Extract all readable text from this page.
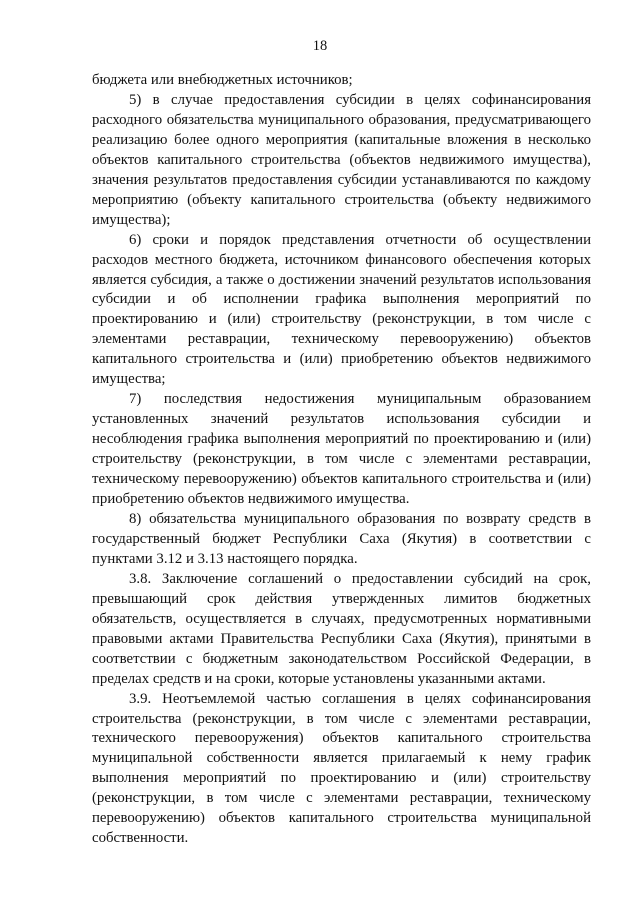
18

бюджета или внебюджетных источников;

5) в случае предоставления субсидии в целях софинансирования расходного обязательства муниципального образования, предусматривающего реализацию более одного мероприятия (капитальные вложения в несколько объектов капитального строительства (объектов недвижимого имущества), значения результатов предоставления субсидии устанавливаются по каждому мероприятию (объекту капитального строительства (объекту недвижимого имущества);

6) сроки и порядок представления отчетности об осуществлении расходов местного бюджета, источником финансового обеспечения которых является субсидия, а также о достижении значений результатов использования субсидии и об исполнении графика выполнения мероприятий по проектированию и (или) строительству (реконструкции, в том числе с элементами реставрации, техническому перевооружению) объектов капитального строительства и (или) приобретению объектов недвижимого имущества;

7) последствия недостижения муниципальным образованием установленных значений результатов использования субсидии и несоблюдения графика выполнения мероприятий по проектированию и (или) строительству (реконструкции, в том числе с элементами реставрации, техническому перевооружению) объектов капитального строительства и (или) приобретению объектов недвижимого имущества.

8) обязательства муниципального образования по возврату средств в государственный бюджет Республики Саха (Якутия) в соответствии с пунктами 3.12 и 3.13 настоящего порядка.

3.8. Заключение соглашений о предоставлении субсидий на срок, превышающий срок действия утвержденных лимитов бюджетных обязательств, осуществляется в случаях, предусмотренных нормативными правовыми актами Правительства Республики Саха (Якутия), принятыми в соответствии с бюджетным законодательством Российской Федерации, в пределах средств и на сроки, которые установлены указанными актами.

3.9. Неотъемлемой частью соглашения в целях софинансирования строительства (реконструкции, в том числе с элементами реставрации, технического перевооружения) объектов капитального строительства муниципальной собственности является прилагаемый к нему график выполнения мероприятий по проектированию и (или) строительству (реконструкции, в том числе с элементами реставрации, техническому перевооружению) объектов капитального строительства муниципальной собственности.
